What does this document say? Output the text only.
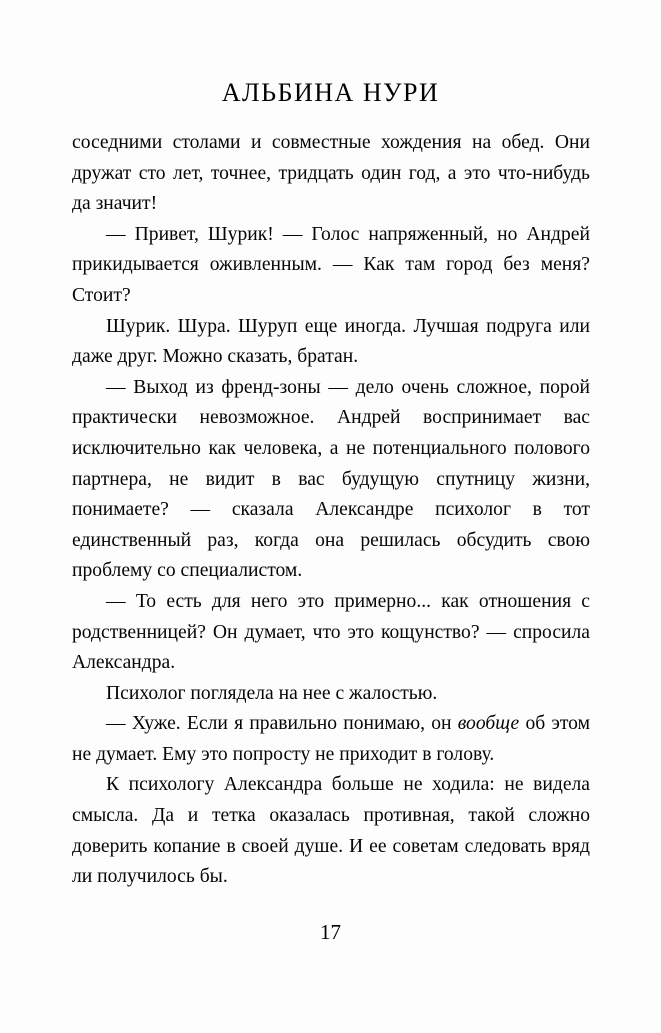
АЛЬБИНА НУРИ

соседними столами и совместные хождения на обед. Они дружат сто лет, точнее, тридцать один год, а это что-нибудь да значит!

— Привет, Шурик! — Голос напряженный, но Андрей прикидывается оживленным. — Как там город без меня? Стоит?

Шурик. Шура. Шуруп еще иногда. Лучшая подруга или даже друг. Можно сказать, братан.

— Выход из френд-зоны — дело очень сложное, порой практически невозможное. Андрей воспринимает вас исключительно как человека, а не потенциального полового партнера, не видит в вас будущую спутницу жизни, понимаете? — сказала Александре психолог в тот единственный раз, когда она решилась обсудить свою проблему со специалистом.

— То есть для него это примерно... как отношения с родственницей? Он думает, что это кощунство? — спросила Александра.

Психолог поглядела на нее с жалостью.

— Хуже. Если я правильно понимаю, он вообще об этом не думает. Ему это попросту не приходит в голову.

К психологу Александра больше не ходила: не видела смысла. Да и тетка оказалась противная, такой сложно доверить копание в своей душе. И ее советам следовать вряд ли получилось бы.

17
